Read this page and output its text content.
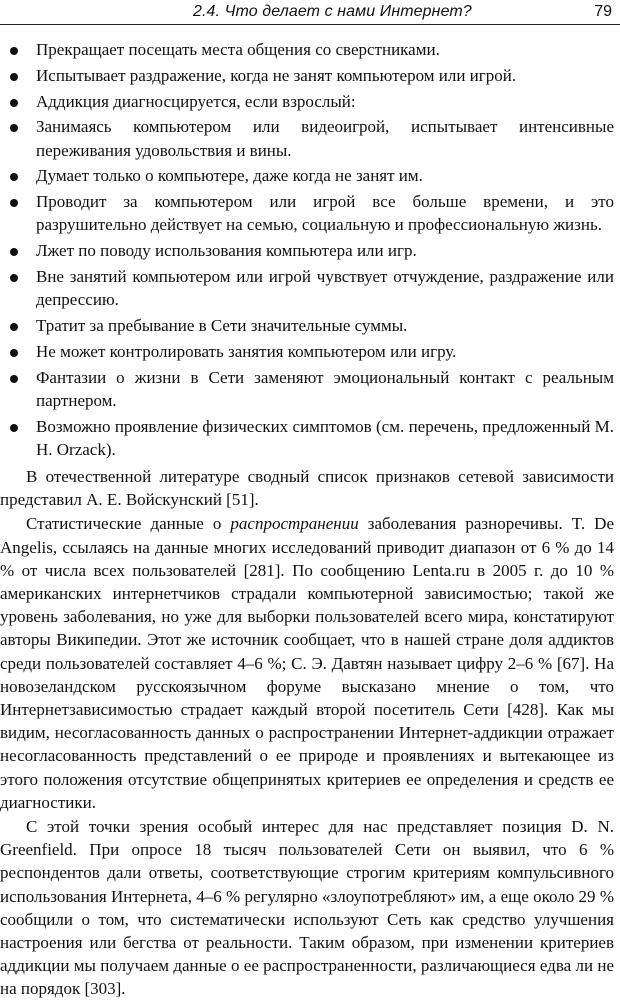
2.4. Что делает с нами Интернет?	79
Прекращает посещать места общения со сверстниками.
Испытывает раздражение, когда не занят компьютером или игрой.
Аддикция диагносцируется, если взрослый:
Занимаясь компьютером или видеоигрой, испытывает интенсивные переживания удовольствия и вины.
Думает только о компьютере, даже когда не занят им.
Проводит за компьютером или игрой все больше времени, и это разрушительно действует на семью, социальную и профессиональную жизнь.
Лжет по поводу использования компьютера или игр.
Вне занятий компьютером или игрой чувствует отчуждение, раздражение или депрессию.
Тратит за пребывание в Сети значительные суммы.
Не может контролировать занятия компьютером или игру.
Фантазии о жизни в Сети заменяют эмоциональный контакт с реальным партнером.
Возможно проявление физических симптомов (см. перечень, предложенный М. Н. Orzack).

В отечественной литературе сводный список признаков сетевой зависимости представил А. Е. Войскунский [51].

Статистические данные о распространении заболевания разноречивы. T. De Angelis, ссылаясь на данные многих исследований приводит диапазон от 6 % до 14 % от числа всех пользователей [281]. По сообщению Lenta.ru в 2005 г. до 10 % американских интернетчиков страдали компьютерной зависимостью; такой же уровень заболевания, но уже для выборки пользователей всего мира, констатируют авторы Википедии. Этот же источник сообщает, что в нашей стране доля аддиктов среди пользователей составляет 4–6 %; С. Э. Давтян называет цифру 2–6 % [67]. На новозеландском русскоязычном форуме высказано мнение о том, что Интернетзависимостью страдает каждый второй посетитель Сети [428]. Как мы видим, несогласованность данных о распространении Интернет-аддикции отражает несогласованность представлений о ее природе и проявлениях и вытекающее из этого положения отсутствие общепринятых критериев ее определения и средств ее диагностики.

С этой точки зрения особый интерес для нас представляет позиция D. N. Greenfield. При опросе 18 тысяч пользователей Сети он выявил, что 6 % респондентов дали ответы, соответствующие строгим критериям компульсивного использования Интернета, 4–6 % регулярно «злоупотребляют» им, а еще около 29 % сообщили о том, что систематически используют Сеть как средство улучшения настроения или бегства от реальности. Таким образом, при изменении критериев аддикции мы получаем данные о ее распространенности, различающиеся едва ли не на порядок [303].
